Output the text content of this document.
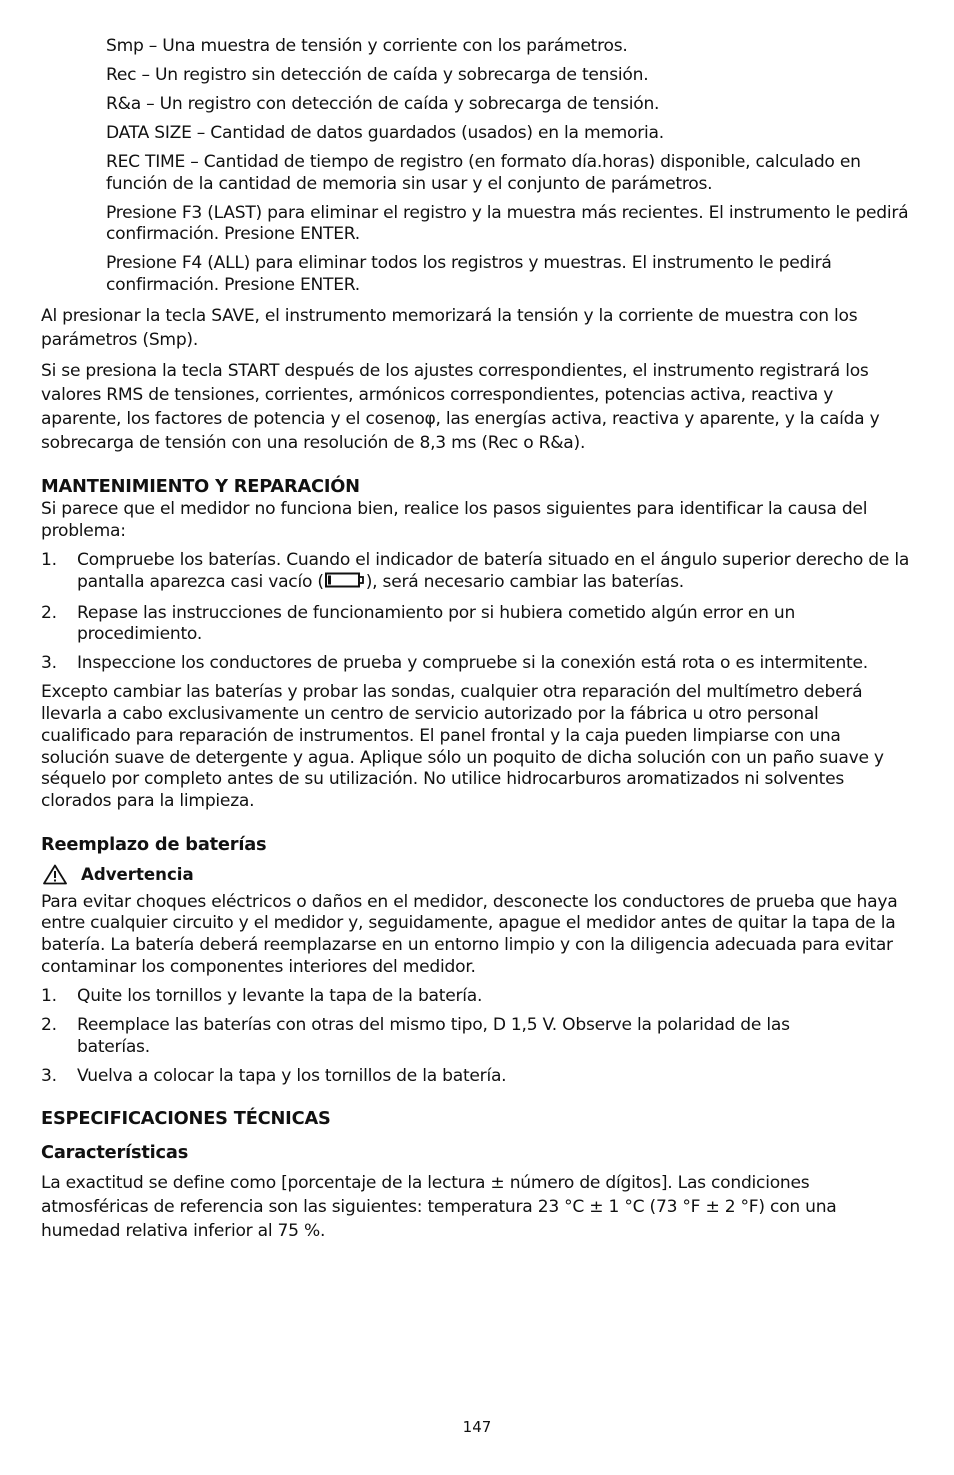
Smp – Una muestra de tensión y corriente con los parámetros.

Rec – Un registro sin detección de caída y sobrecarga de tensión.

R&a – Un registro con detección de caída y sobrecarga de tensión.

DATA SIZE – Cantidad de datos guardados (usados) en la memoria.

REC TIME – Cantidad de tiempo de registro (en formato día.horas) disponible, calculado en función de la cantidad de memoria sin usar y el conjunto de parámetros.

Presione F3 (LAST) para eliminar el registro y la muestra más recientes. El instrumento le pedirá confirmación. Presione ENTER.

Presione F4 (ALL) para eliminar todos los registros y muestras. El instrumento le pedirá confirmación. Presione ENTER.

Al presionar la tecla SAVE, el instrumento memorizará la tensión y la corriente de muestra con los parámetros (Smp).

Si se presiona la tecla START después de los ajustes correspondientes, el instrumento registrará los valores RMS de tensiones, corrientes, armónicos correspondientes, potencias activa, reactiva y aparente, los factores de potencia y el cosenoφ, las energías activa, reactiva y aparente, y la caída y sobrecarga de tensión con una resolución de 8,3 ms (Rec o R&a).

MANTENIMIENTO Y REPARACIÓN

Si parece que el medidor no funciona bien, realice los pasos siguientes para identificar la causa del problema:

1.	Compruebe los baterías. Cuando el indicador de batería situado en el ángulo superior derecho de la pantalla aparezca casi vacío ( ), será necesario cambiar las baterías.
2.	Repase las instrucciones de funcionamiento por si hubiera cometido algún error en un procedimiento.
3.	Inspeccione los conductores de prueba y compruebe si la conexión está rota o es intermitente.

Excepto cambiar las baterías y probar las sondas, cualquier otra reparación del multímetro deberá llevarla a cabo exclusivamente un centro de servicio autorizado por la fábrica u otro personal cualificado para reparación de instrumentos. El panel frontal y la caja pueden limpiarse con una solución suave de detergente y agua. Aplique sólo un poquito de dicha solución con un paño suave y séquelo por completo antes de su utilización. No utilice hidrocarburos aromatizados ni solventes clorados para la limpieza.

Reemplazo de baterías
Advertencia

Para evitar choques eléctricos o daños en el medidor, desconecte los conductores de prueba que haya entre cualquier circuito y el medidor y, seguidamente, apague el medidor antes de quitar la tapa de la batería. La batería deberá reemplazarse en un entorno limpio y con la diligencia adecuada para evitar contaminar los componentes interiores del medidor.

1.	Quite los tornillos y levante la tapa de la batería.
2.	Reemplace las baterías con otras del mismo tipo, D 1,5 V. Observe la polaridad de las baterías.
3.	Vuelva a colocar la tapa y los tornillos de la batería.
ESPECIFICACIONES TÉCNICAS
Características

La exactitud se define como [porcentaje de la lectura ± número de dígitos]. Las condiciones atmosféricas de referencia son las siguientes: temperatura 23 °C ± 1 °C (73 °F ± 2 °F) con una humedad relativa inferior al 75 %.

147
